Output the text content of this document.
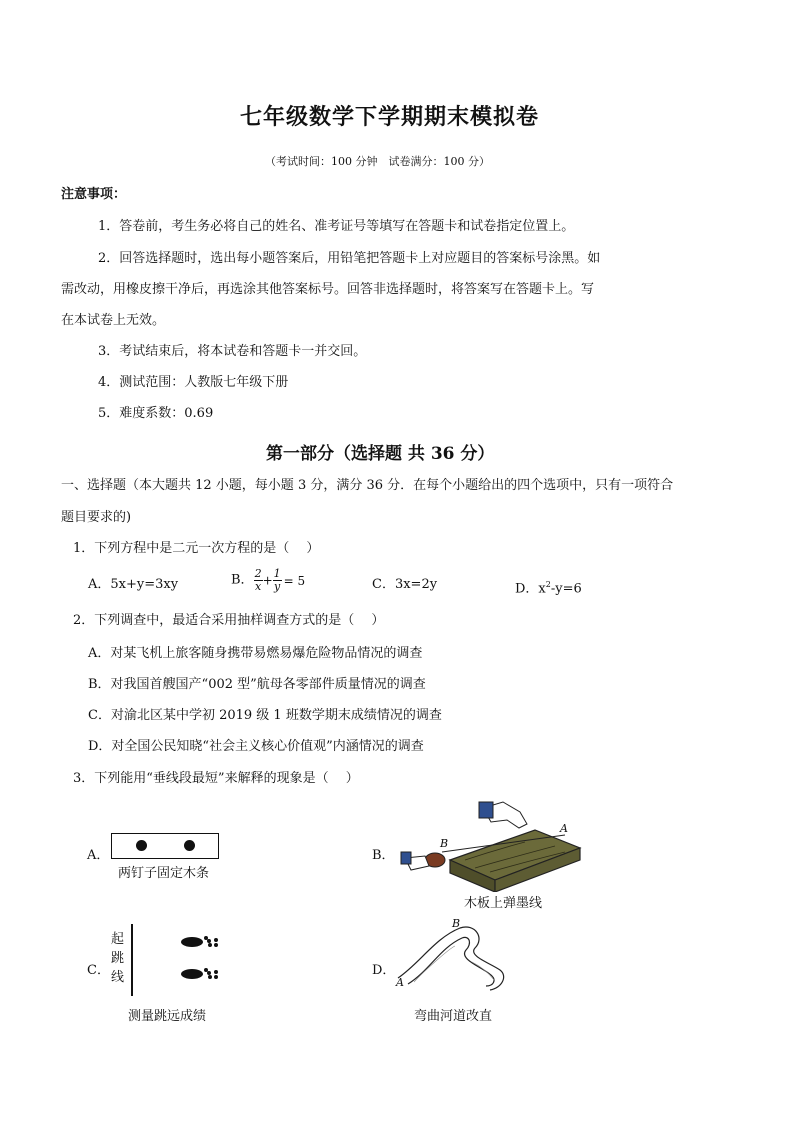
七年级数学下学期期末模拟卷
（考试时间：100 分钟　试卷满分：100 分）
注意事项：
1．答卷前，考生务必将自己的姓名、准考证号等填写在答题卡和试卷指定位置上。
2．回答选择题时，选出每小题答案后，用铅笔把答题卡上对应题目的答案标号涂黑。如
需改动，用橡皮擦干净后，再选涂其他答案标号。回答非选择题时，将答案写在答题卡上。写
在本试卷上无效。
3．考试结束后，将本试卷和答题卡一并交回。
4．测试范围：人教版七年级下册
5．难度系数：0.69
第一部分（选择题 共 36 分）
一、选择题（本大题共 12 小题，每小题 3 分，满分 36 分．在每个小题给出的四个选项中，只有一项符合
题目要求的)
1．下列方程中是二元一次方程的是（　 ）
A．5x+y=3xy	B． $\frac{2}{x} + \frac{1}{y} = 5$	C．3x=2y	D．$x^2-y=6$
2．下列调查中，最适合采用抽样调查方式的是（　 ）
A．对某飞机上旅客随身携带易燃易爆危险物品情况的调查
B．对我国首艘国产“002 型”航母各零部件质量情况的调查
C．对渝北区某中学初 2019 级 1 班数学期末成绩情况的调查
D．对全国公民知晓“社会主义核心价值观”内涵情况的调查
3．下列能用“垂线段最短”来解释的现象是（　 ）
A．
两钉子固定木条
B．
B
A
木板上弹墨线
C．
起
跳
线
测量跳远成绩
D．
B
A
弯曲河道改直
